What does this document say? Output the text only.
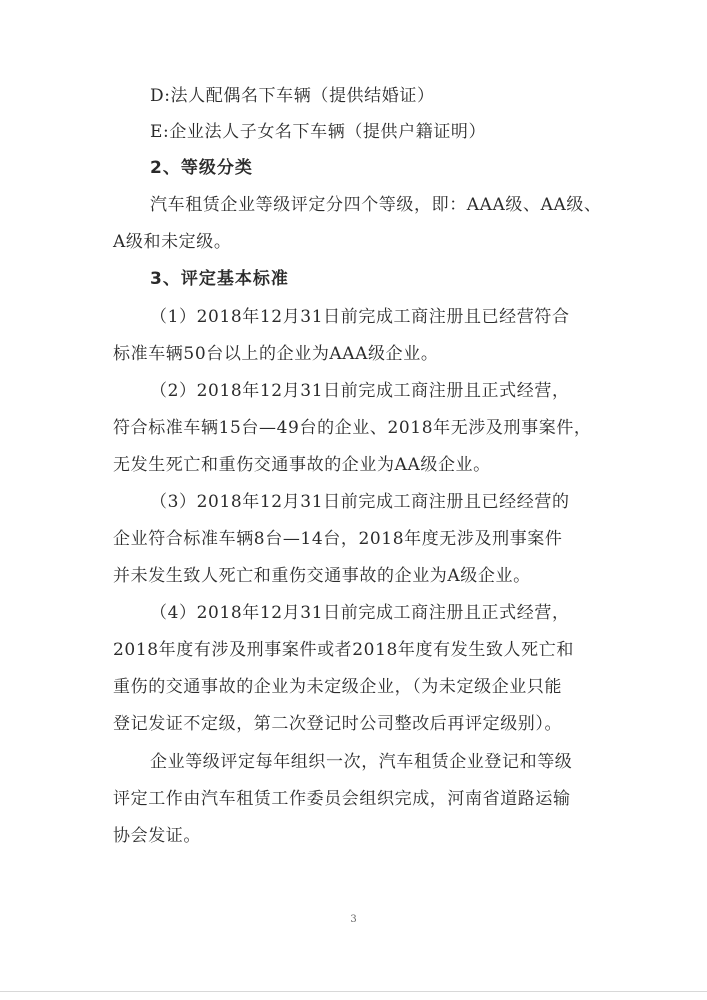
D:法人配偶名下车辆（提供结婚证）
E:企业法人子女名下车辆（提供户籍证明）
2、等级分类
汽车租赁企业等级评定分四个等级，即：AAA级、AA级、
A级和未定级。
3、评定基本标准
（1）2018年12月31日前完成工商注册且已经营符合
标准车辆50台以上的企业为AAA级企业。
（2）2018年12月31日前完成工商注册且正式经营，
符合标准车辆15台—49台的企业、2018年无涉及刑事案件，
无发生死亡和重伤交通事故的企业为AA级企业。
（3）2018年12月31日前完成工商注册且已经经营的
企业符合标准车辆8台—14台，2018年度无涉及刑事案件
并未发生致人死亡和重伤交通事故的企业为A级企业。
（4）2018年12月31日前完成工商注册且正式经营，
2018年度有涉及刑事案件或者2018年度有发生致人死亡和
重伤的交通事故的企业为未定级企业，（为未定级企业只能
登记发证不定级，第二次登记时公司整改后再评定级别）。
企业等级评定每年组织一次，汽车租赁企业登记和等级
评定工作由汽车租赁工作委员会组织完成，河南省道路运输
协会发证。
3
